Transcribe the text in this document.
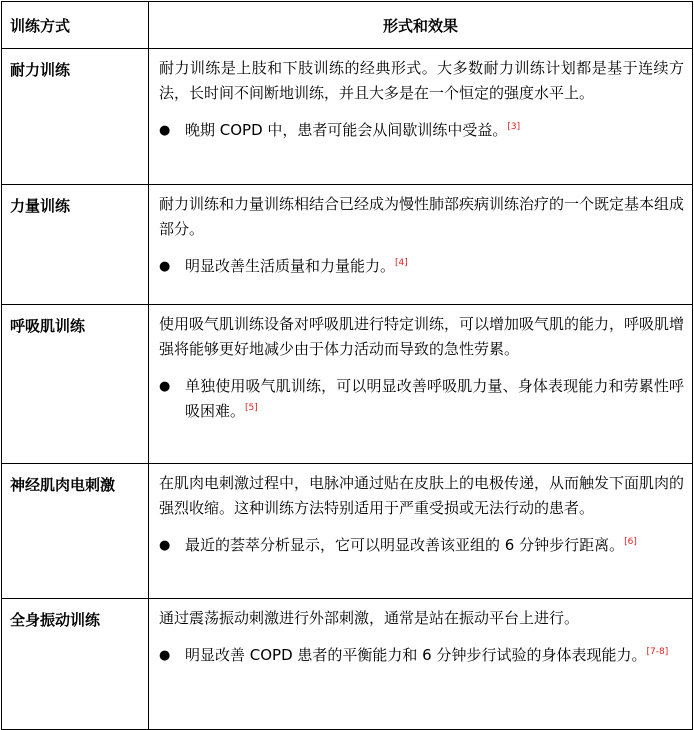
训练方式	形式和效果
耐力训练	耐力训练是上肢和下肢训练的经典形式。大多数耐力训练计划都是基于连续方法，长时间不间断地训练，并且大多是在一个恒定的强度水平上。

● 晚期 COPD 中，患者可能会从间歇训练中受益。[3]

力量训练	耐力训练和力量训练相结合已经成为慢性肺部疾病训练治疗的一个既定基本组成部分。

● 明显改善生活质量和力量能力。[4]

呼吸肌训练	使用吸气肌训练设备对呼吸肌进行特定训练，可以增加吸气肌的能力，呼吸肌增强将能够更好地减少由于体力活动而导致的急性劳累。

● 单独使用吸气肌训练，可以明显改善呼吸肌力量、身体表现能力和劳累性呼吸困难。[5]

神经肌肉电刺激	在肌肉电刺激过程中，电脉冲通过贴在皮肤上的电极传递，从而触发下面肌肉的强烈收缩。这种训练方法特别适用于严重受损或无法行动的患者。

● 最近的荟萃分析显示，它可以明显改善该亚组的 6 分钟步行距离。[6]

全身振动训练	通过震荡振动刺激进行外部刺激，通常是站在振动平台上进行。

● 明显改善 COPD 患者的平衡能力和 6 分钟步行试验的身体表现能力。[7-8]
